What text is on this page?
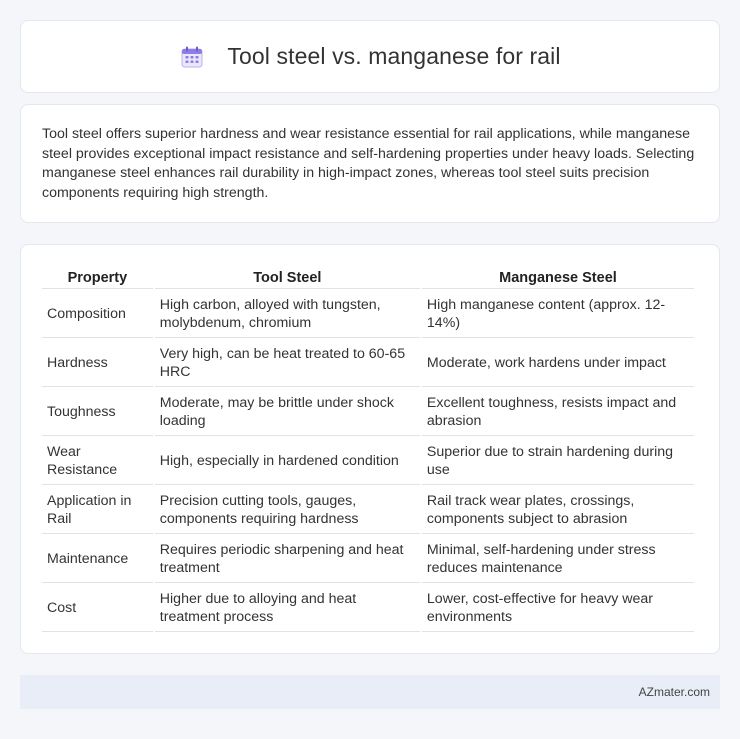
Tool steel vs. manganese for rail

Tool steel offers superior hardness and wear resistance essential for rail applications, while manganese steel provides exceptional impact resistance and self-hardening properties under heavy loads. Selecting manganese steel enhances rail durability in high-impact zones, whereas tool steel suits precision components requiring high strength.

Property	Tool Steel	Manganese Steel
Composition	High carbon, alloyed with tungsten, molybdenum, chromium	High manganese content (approx. 12-14%)
Hardness	Very high, can be heat treated to 60-65 HRC	Moderate, work hardens under impact
Toughness	Moderate, may be brittle under shock loading	Excellent toughness, resists impact and abrasion
Wear Resistance	High, especially in hardened condition	Superior due to strain hardening during use
Application in Rail	Precision cutting tools, gauges, components requiring hardness	Rail track wear plates, crossings, components subject to abrasion
Maintenance	Requires periodic sharpening and heat treatment	Minimal, self-hardening under stress reduces maintenance
Cost	Higher due to alloying and heat treatment process	Lower, cost-effective for heavy wear environments
AZmater.com
